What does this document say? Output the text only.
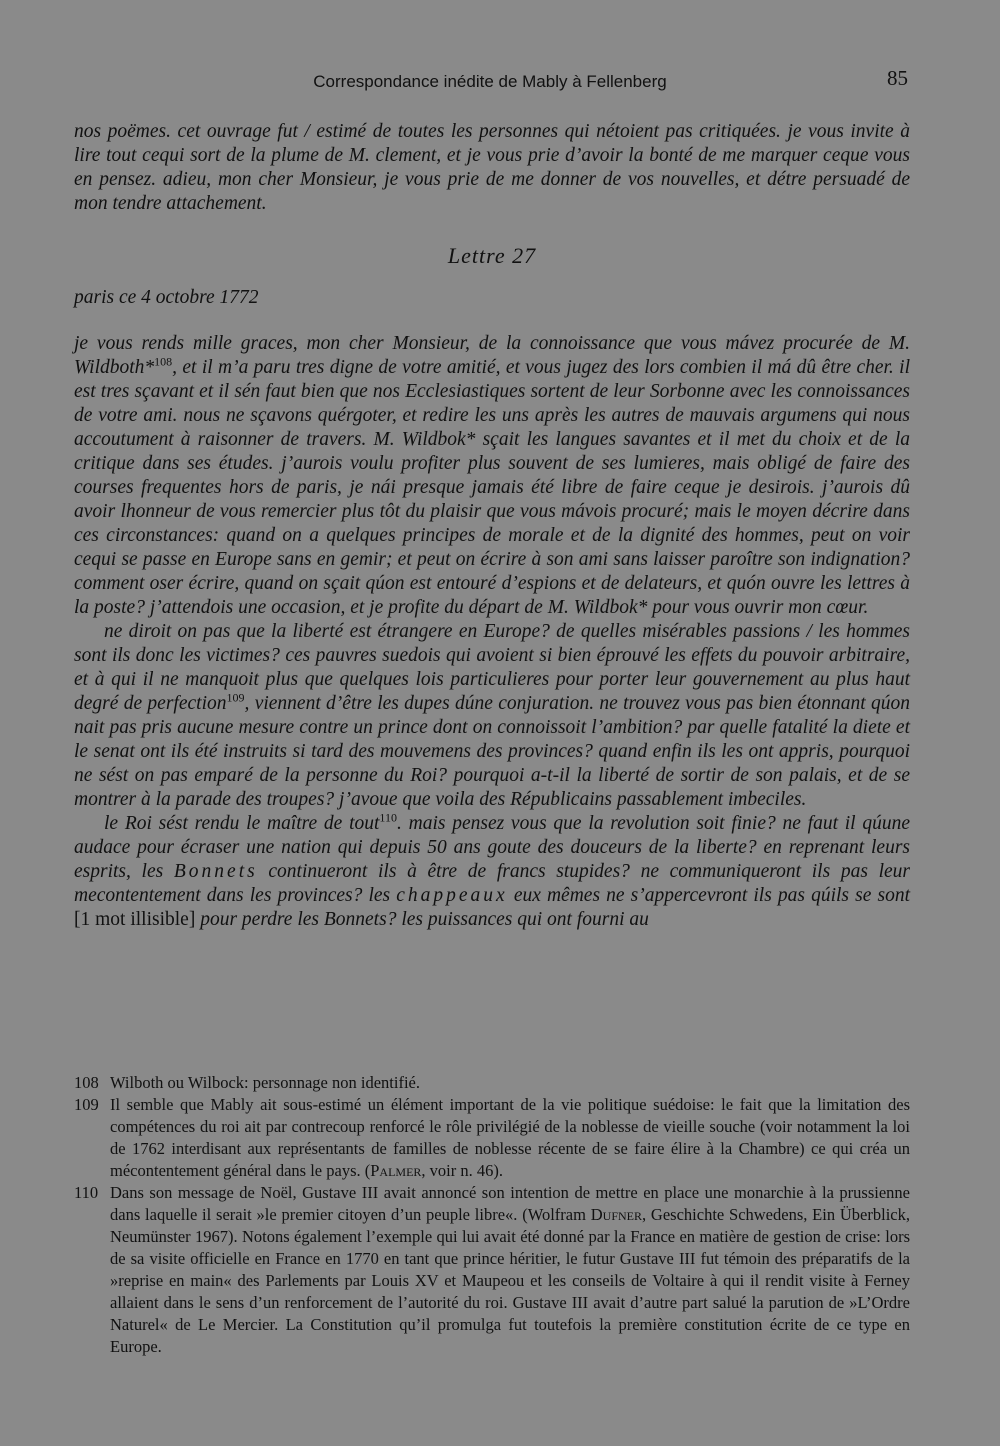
Correspondance inédite de Mably à Fellenberg	85

nos poëmes. cet ouvrage fut / estimé de toutes les personnes qui nétoient pas critiquées. je vous invite à lire tout cequi sort de la plume de M. clement, et je vous prie d’avoir la bonté de me marquer ceque vous en pensez. adieu, mon cher Monsieur, je vous prie de me donner de vos nouvelles, et détre persuadé de mon tendre attachement.

Lettre 27

paris ce 4 octobre 1772

je vous rends mille graces, mon cher Monsieur, de la connoissance que vous mávez procurée de M. Wildboth*$^{108}$, et il m’a paru tres digne de votre amitié, et vous jugez des lors combien il má dû être cher. il est tres sçavant et il sén faut bien que nos Ecclesiastiques sortent de leur Sorbonne avec les connoissances de votre ami. nous ne sçavons quérgoter, et redire les uns après les autres de mauvais argumens qui nous accoutument à raisonner de travers. M. Wildbok* sçait les langues savantes et il met du choix et de la critique dans ses études. j’aurois voulu profiter plus souvent de ses lumieres, mais obligé de faire des courses frequentes hors de paris, je nái presque jamais été libre de faire ceque je desirois. j’aurois dû avoir lhonneur de vous remercier plus tôt du plaisir que vous mávois procuré; mais le moyen décrire dans ces circonstances: quand on a quelques principes de morale et de la dignité des hommes, peut on voir cequi se passe en Europe sans en gemir; et peut on écrire à son ami sans laisser paroître son indignation? comment oser écrire, quand on sçait qúon est entouré d’espions et de delateurs, et quón ouvre les lettres à la poste? j’attendois une occasion, et je profite du départ de M. Wildbok* pour vous ouvrir mon cœur.

ne diroit on pas que la liberté est étrangere en Europe? de quelles misérables passions / les hommes sont ils donc les victimes? ces pauvres suedois qui avoient si bien éprouvé les effets du pouvoir arbitraire, et à qui il ne manquoit plus que quelques lois particulieres pour porter leur gouvernement au plus haut degré de perfection$^{109}$, viennent d’être les dupes dúne conjuration. ne trouvez vous pas bien étonnant qúon nait pas pris aucune mesure contre un prince dont on connoissoit l’ambition? par quelle fatalité la diete et le senat ont ils été instruits si tard des mouvemens des provinces? quand enfin ils les ont appris, pourquoi ne sést on pas emparé de la personne du Roi? pourquoi a-t-il la liberté de sortir de son palais, et de se montrer à la parade des troupes? j’avoue que voila des Républicains passablement imbeciles.

le Roi sést rendu le maître de tout$^{110}$. mais pensez vous que la revolution soit finie? ne faut il qúune audace pour écraser une nation qui depuis 50 ans goute des douceurs de la liberte? en reprenant leurs esprits, les Bonnets continueront ils à être de francs stupides? ne communiqueront ils pas leur mecontentement dans les provinces? les chappeaux eux mêmes ne s’appercevront ils pas qúils se sont [1 mot illisible] pour perdre les Bonnets? les puissances qui ont fourni au

108 Wilboth ou Wilbock: personnage non identifié.
109 Il semble que Mably ait sous-estimé un élément important de la vie politique suédoise: le fait que la limitation des compétences du roi ait par contrecoup renforcé le rôle privilégié de la noblesse de vieille souche (voir notamment la loi de 1762 interdisant aux représentants de familles de noblesse récente de se faire élire à la Chambre) ce qui créa un mécontentement général dans le pays. (Palmer, voir n. 46).
110 Dans son message de Noël, Gustave III avait annoncé son intention de mettre en place une monarchie à la prussienne dans laquelle il serait »le premier citoyen d’un peuple libre«. (Wolfram Dufner, Geschichte Schwedens, Ein Überblick, Neumünster 1967). Notons également l’exemple qui lui avait été donné par la France en matière de gestion de crise: lors de sa visite officielle en France en 1770 en tant que prince héritier, le futur Gustave III fut témoin des préparatifs de la »reprise en main« des Parlements par Louis XV et Maupeou et les conseils de Voltaire à qui il rendit visite à Ferney allaient dans le sens d’un renforcement de l’autorité du roi. Gustave III avait d’autre part salué la parution de »L’Ordre Naturel« de Le Mercier. La Constitution qu’il promulga fut toutefois la première constitution écrite de ce type en Europe.
